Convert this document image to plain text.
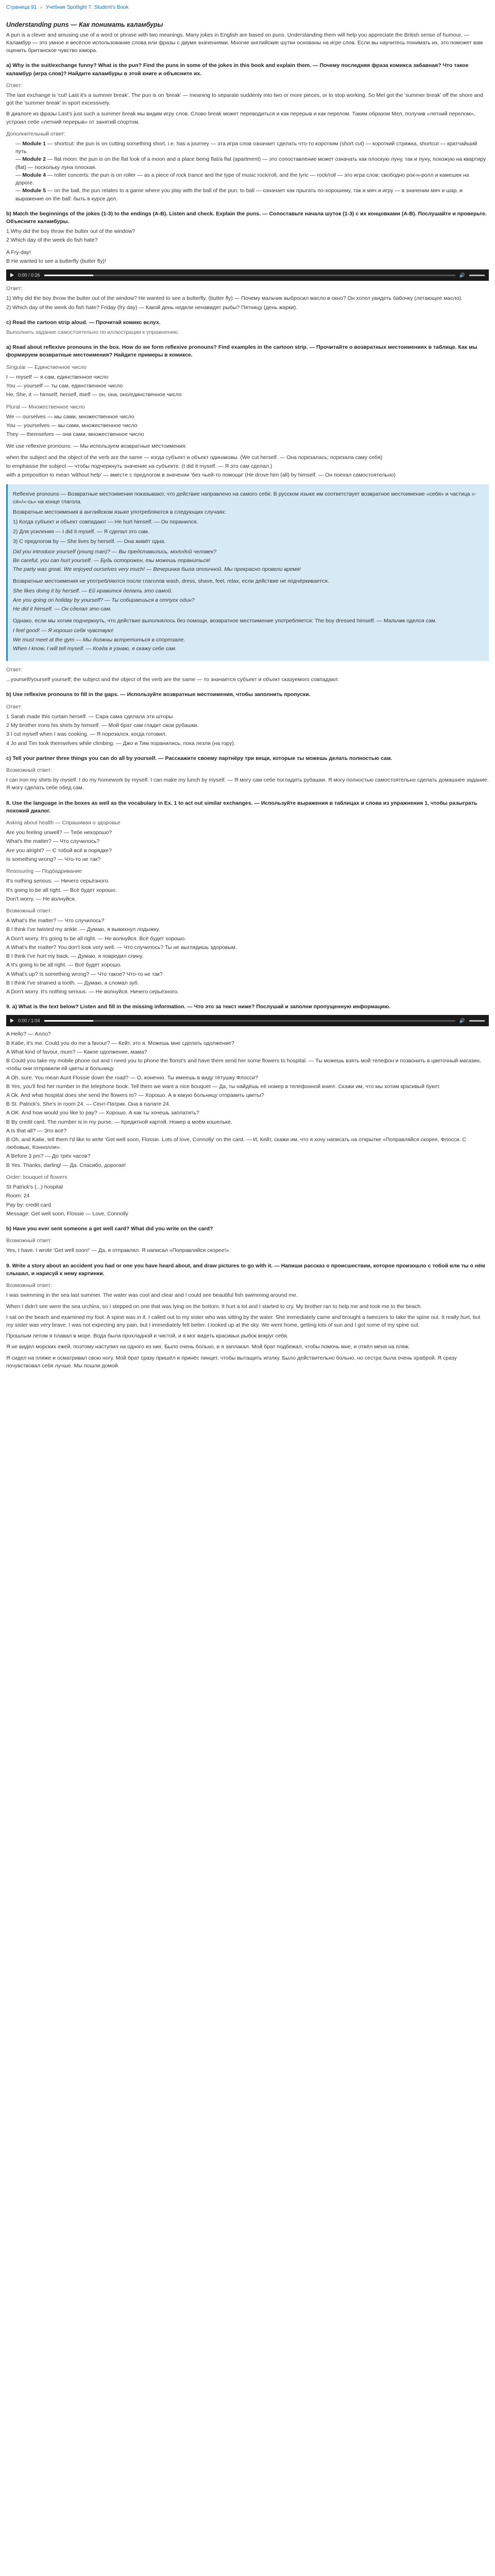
Страница 91 » Учебник Spotlight 7. Student's Book
Understanding puns — Как понимать каламбуры

A pun is a clever and amusing use of a word or phrase with two meanings. Many jokes in English are based on puns. Understanding them will help you appreciate the British sense of humour. — Каламбур — это умное и весёлое использование слова или фразы с двумя значениями. Многие английские шутки основаны на игре слов. Если вы научитесь понимать их, это поможет вам оценить британское чувство юмора.

a) Why is the suit/exchange funny? What is the pun? Find the puns in some of the jokes in this book and explain them. — Почему последняя фраза комикса забавная? Что такое каламбур (игра слов)? Найдите каламбуры в этой книге и объясните их.

Ответ:

The last exchange is 'cut! Last it's a summer break'. The pun is on 'break' — meaning to separate suddenly into two or more pieces, or to stop working. So Mel got the 'summer break' off the shore and got the 'summer break' in sport excessively.

В диалоге из фразы Last's just such a summer break мы видим игру слов. Слово break может переводиться и как перерыв и как перелом. Таким образом Мел, получив «летний перелом», устроил себе «летний перерыв» от занятий спортом.

Дополнительный ответ:
— Module 1 — shortcut: the pun is on cutting something short, i.e. has a journey — эта игра слов означает сделать что-то коротким (short cut) — короткий стрижка, shortcut — кратчайший путь.
— Module 2 — flat moon: the pun is on the flat look of a moon and a place being flat/a flat (apartment) — это сопоставление может означать как плоскую луну, так и луну, похожую на квартиру (flat) — поскольку луна плоская.
— Module 4 — roller concerts: the pun is on roller — as a piece of rock trance and the type of music rock/roll, and the lyric — rock/roll — это игра слов: свободно рок-н-ролл и камешек на дороге.
— Module 5 — on the ball, the pun relates to a game where you play with the ball of the pun: to ball — означает как прыгать по-хорошему, так и мяч и игру — в значении мяч и шар, и выражение on the ball: быть в курсе дел.

b) Match the beginnings of the jokes (1-3) to the endings (A-B). Listen and check. Explain the puns. — Сопоставьте начала шуток (1-3) с их концовками (A-B). Послушайте и проверьте. Объясните каламбуры.

1 Why did the boy throw the butter out of the window?
2 Which day of the week do fish hate?
A Fry-day!
B He wanted to see a butterfly (butter fly)!
0:00 / 0:26	🔊
Ответ:
1) Why did the boy throw the butter out of the window? He wanted to see a butterfly. (butter fly) — Почему мальчик выбросил масло в окно? Он хотел увидеть бабочку (летающее масло).
2) Which day of the week do fish hate? Friday (fry day) — Какой день недели ненавидят рыбы? Пятницу (день жарки).

c) Read the cartoon strip aloud. — Прочитай комикс вслух.

Выполнить задание самостоятельно по иллюстрации к упражнению.

a) Read about reflexive pronouns in the box. How do we form reflexive pronouns? Find examples in the cartoon strip. — Прочитайте о возвратных местоимениях в таблице. Как мы формируем возвратные местоимения? Найдите примеры в комиксе.

Singular — Единственное число
I — myself — я сам, единственное число
You — yourself — ты сам, единственное число
He, She, it — himself, herself, itself — он, она, оно/единственное число
Plural — Множественное число
We — ourselves — мы сами, множественное число
You — yourselves — вы сами, множественное число
They — themselves — они сами, множественное число

We use reflexive pronouns: — Мы используем возвратные местоимения:

when the subject and the object of the verb are the same — когда субъект и объект одинаковы. (We cut herself. — Она порезалась; порезала саму себя)
to emphasise the subject — чтобы подчеркнуть значение на субъекте. (I did it myself. — Я это сам сделал.)
with a preposition to mean 'without help' — вместе с предлогом в значении 'без чьей-то помощи' (He drove him (all) by himself. — Он поехал самостоятельно)

Reflexive pronouns — Возвратные местоимения показывают, что действие направлено на самого себя. В русском языке им соответствует возвратное местоимение «себя» и частица «-ся»/«-сь» на конце глагола.

Возвратные местоимения в английском языке употребляются в следующих случаях:

1) Когда субъект и объект совпадают — He hurt himself. — Он поранился.

2) Для усиления — I did it myself. — Я сделал это сам.

3) С предлогом by — She lives by herself. — Она живёт одна.

Did you introduce yourself (young man)? — Вы представились, молодой человек?
Be careful, you can hurt yourself. — Будь осторожен, ты можешь пораниться!
The party was great. We enjoyed ourselves very much! — Вечеринка была отличной. Мы прекрасно провели время!

Возвратные местоимения не употребляются после глаголов wash, dress, shave, feel, relax, если действие не подчёркивается.

She likes doing it by herself. — Ей нравится делать это самой.
Are you going on holiday by yourself? — Ты собираешься в отпуск один?
He did it himself. — Он сделал это сам.

Однако, если мы хотим подчеркнуть, что действие выполнялось без помощи, возвратное местоимение употребляется: The boy dressed himself. — Мальчик оделся сам.

I feel good! — Я хорошо себя чувствую!
We must meet at the gym — Мы должны встретиться в спортзале.
When I know, I will tell myself. — Когда я узнаю, я скажу себе сам.
Ответ:

...yourself/yourself yourself; the subject and the object of the verb are the same — то значается субъект и объект сказуемого совпадают.

b) Use reflexive pronouns to fill in the gaps. — Используйте возвратные местоимения, чтобы заполнить пропуски.

Ответ:
1 Sarah made this curtain herself. — Сара сама сделала эти шторы.
2 My brother irons his shirts by himself. — Мой брат сам гладит свои рубашки.
3 I cut myself when I was cooking. — Я порезался, когда готовил.
4 Jo and Tim took themselves while climbing. — Джо и Тим поранились, пока лезли (на гору).

c) Tell your partner three things you can do all by yourself. — Расскажите своему партнёру три вещи, которые ты можешь делать полностью сам.

Возможный ответ:

I can iron my shirts by myself. I do my homework by myself. I can make my lunch by myself. — Я могу сам себе погладить рубашки. Я могу полностью самостоятельно сделать домашнее задание. Я могу сделать себе обед сам.

8. Use the language in the boxes as well as the vocabulary in Ex. 1 to act out similar exchanges. — Используйте выражения в таблицах и слова из упражнения 1, чтобы разыграть похожий диалог.

Asking about health — Спрашивая о здоровье
Are you feeling unwell? — Тебе нехорошо?
What's the matter? — Что случилось?
Are you alright? — С тобой всё в порядке?
Is something wrong? — Что-то не так?
Reassuring — Подбадривание
It's nothing serious. — Ничего серьёзного.
It's going to be all right. — Всё будет хорошо.
Don't worry. — Не волнуйся.
Возможный ответ:
A What's the matter? — Что случилось?
B I think I've twisted my ankle. — Думаю, я вывихнул лодыжку.
A Don't worry. It's going to be all right. — Не волнуйся. Всё будет хорошо.
A What's the matter? You don't look very well. — Что случилось? Ты не выглядишь здоровым.
B I think I've hurt my back. — Думаю, я повредил спину.
A It's going to be all right. — Всё будет хорошо.
A What's up? Is something wrong? — Что такое? Что-то не так?
B I think I've strained a tooth. — Думаю, я сломал зуб.
A Don't worry. It's nothing serious. — Не волнуйся. Ничего серьёзного.

9. a) What is the text below? Listen and fill in the missing information. — Что это за текст ниже? Послушай и заполни пропущенную информацию.

0:00 / 1:04	🔊
A Hello? — Алло?
B Katie, it's me. Could you do me a favour? — Кейт, это я. Можешь мне сделать одолжение?
A What kind of favour, mum? — Какое одолжение, мама?
B Could you take my mobile phone out and I need you to phone the florist's and have them send her some flowers to hospital. — Ты можешь взять мой телефон и позвонить в цветочный магазин, чтобы они отправили ей цветы в больницу.
A Oh, sure. You mean Aunt Flossie down the road? — О, конечно. Ты имеешь в виду тётушку Флосси?
B Yes, you'll find her number in the telephone book. Tell them we want a nice bouquet — Да, ты найдёшь её номер в телефонной книге. Скажи им, что мы хотим красивый букет.
A Ok. And what hospital does she send the flowers to? — Хорошо. А в какую больницу отправить цветы?
B St. Patrick's. She's in room 24. — Сент-Патрик. Она в палате 24.
A OK. And how would you like to pay? — Хорошо. А как ты хочешь заплатить?
B By credit card. The number is in my purse. — Кредитной картой. Номер в моём кошельке.
A Is that all? — Это всё?
B Oh, and Katie, tell them I'd like to write 'Get well soon, Flossie. Lots of love, Connolly' on the card. — И, Кейт, скажи им, что я хочу написать на открытке «Поправляйся скорее, Флосси. С любовью, Коннолли».
A Before 3 pm? — До трёх часов?
B Yes. Thanks, darling! — Да. Спасибо, дорогая!
Order: bouquet of flowers
St Patrick's (...) hospital
Room: 24
Pay by: credit card
Message: Get well soon, Flossie — Love, Connolly

b) Have you ever sent someone a get well card? What did you write on the card?

Возможный ответ:

Yes, I have. I wrote 'Get well soon!' — Да, я отправлял. Я написал «Поправляйся скорее!».

9. Write a story about an accident you had or one you have heard about, and draw pictures to go with it. — Напиши рассказ о происшествии, которое произошло с тобой или ты о нём слышал, и нарисуй к нему картинки.

Возможный ответ:

I was swimming in the sea last summer. The water was cool and clear and I could see beautiful fish swimming around me.

When I didn't see were the sea urchins, so I stepped on one that was lying on the bottom. It hurt a lot and I started to cry. My brother ran to help me and took me to the beach.

I sat on the beach and examined my foot. A spine was in it. I called out to my sister who was sitting by the water. She immediately came and brought a tweezers to take the spine out. It really hurt, but my sister was very brave. I was not expecting any pain, but I immediately felt better. I looked up at the sky. We went home, getting lots of sun and I got some of my spine out.

Прошлым летом я плавал в море. Вода была прохладной и чистой, и я мог видеть красивых рыбок вокруг себя.

Я не видел морских ежей, поэтому наступил на одного из них. Было очень больно, и я заплакал. Мой брат подбежал, чтобы помочь мне, и отвёл меня на пляж.

Я сидел на пляже и осматривал свою ногу. Мой брат сразу пришёл и принёс пинцет, чтобы вытащить иголку. Было действительно больно, но сестра была очень храброй. Я сразу почувствовал себя лучше. Мы пошли домой.
